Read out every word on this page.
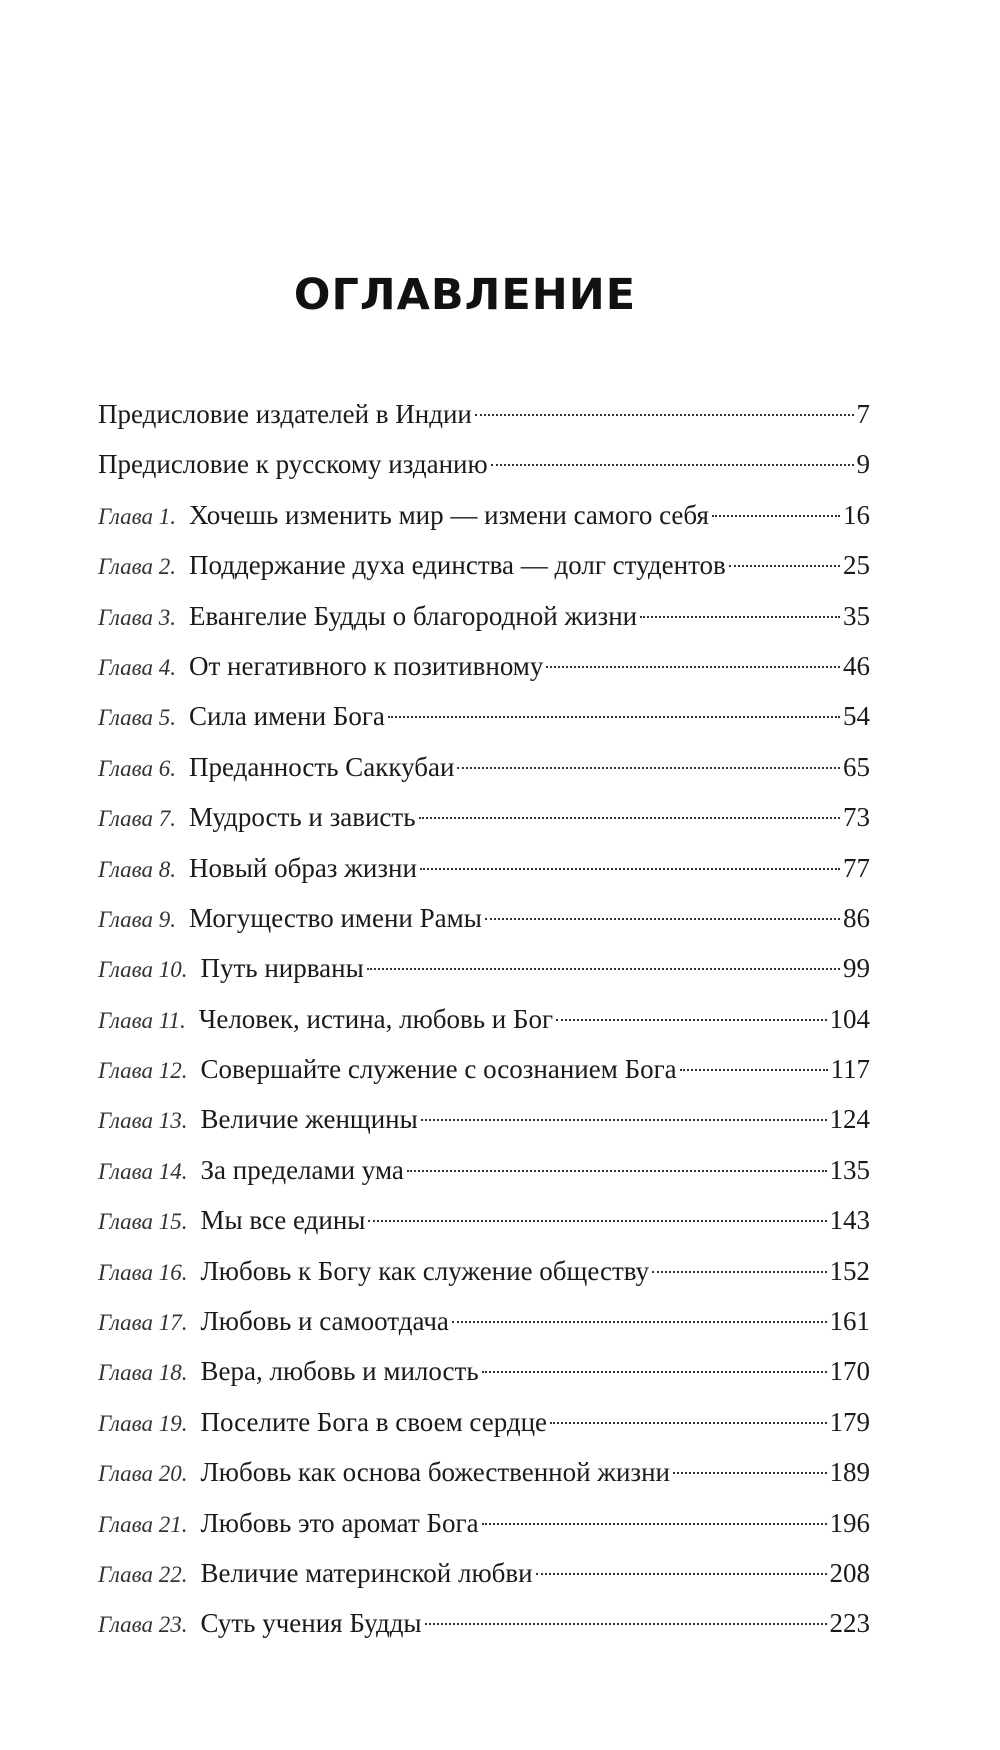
ОГЛАВЛЕНИЕ
Предисловие издателей в Индии	7
Предисловие к русскому изданию	9
Глава 1. Хочешь изменить мир — измени самого себя	16
Глава 2. Поддержание духа единства — долг студентов	25
Глава 3. Евангелие Будды о благородной жизни	35
Глава 4. От негативного к позитивному	46
Глава 5. Сила имени Бога	54
Глава 6. Преданность Саккубаи	65
Глава 7. Мудрость и зависть	73
Глава 8. Новый образ жизни	77
Глава 9. Могущество имени Рамы	86
Глава 10. Путь нирваны	99
Глава 11. Человек, истина, любовь и Бог	104
Глава 12. Совершайте служение с осознанием Бога	117
Глава 13. Величие женщины	124
Глава 14. За пределами ума	135
Глава 15. Мы все едины	143
Глава 16. Любовь к Богу как служение обществу	152
Глава 17. Любовь и самоотдача	161
Глава 18. Вера, любовь и милость	170
Глава 19. Поселите Бога в своем сердце	179
Глава 20. Любовь как основа божественной жизни	189
Глава 21. Любовь это аромат Бога	196
Глава 22. Величие материнской любви	208
Глава 23. Суть учения Будды	223
